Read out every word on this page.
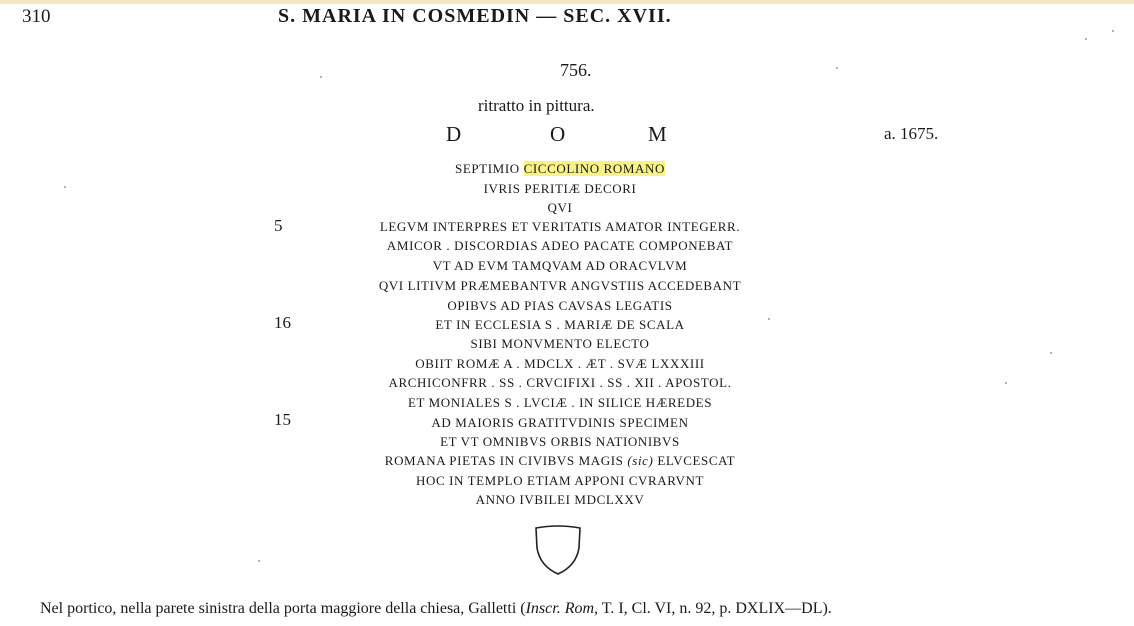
310	S. MARIA IN COSMEDIN — SEC. XVII.
756.
ritratto in pittura.
D	O	M	a. 1675.
SEPTIMIO CICCOLINO ROMANO
IVRIS PERITIÆ DECORI
QVI
LEGVM INTERPRES ET VERITATIS AMATOR INTEGERR.
AMICOR . DISCORDIAS ADEO PACATE COMPONEBAT
VT AD EVM TAMQVAM AD ORACVLVM
QVI LITIVM PRÆMEBANTVR ANGVSTIIS ACCEDEBANT
OPIBVS AD PIAS CAVSAS LEGATIS
ET IN ECCLESIA S . MARIÆ DE SCALA
SIBI MONVMENTO ELECTO
OBIIT ROMÆ A . MDCLX . ÆT . SVÆ LXXXIII
ARCHICONFRR . SS . CRVCIFIXI . SS . XII . APOSTOL.
ET MONIALES S . LVCIÆ . IN SILICE HÆREDES
AD MAIORIS GRATITVDINIS SPECIMEN
ET VT OMNIBVS ORBIS NATIONIBVS
ROMANA PIETAS IN CIVIBVS MAGIS (sic) ELVCESCAT
HOC IN TEMPLO ETIAM APPONI CVRARVNT
ANNO IVBILEI MDCLXXV
5
16
15
Nel portico, nella parete sinistra della porta maggiore della chiesa, Galletti (Inscr. Rom, T. I, Cl. VI, n. 92, p. DXLIX—DL).
